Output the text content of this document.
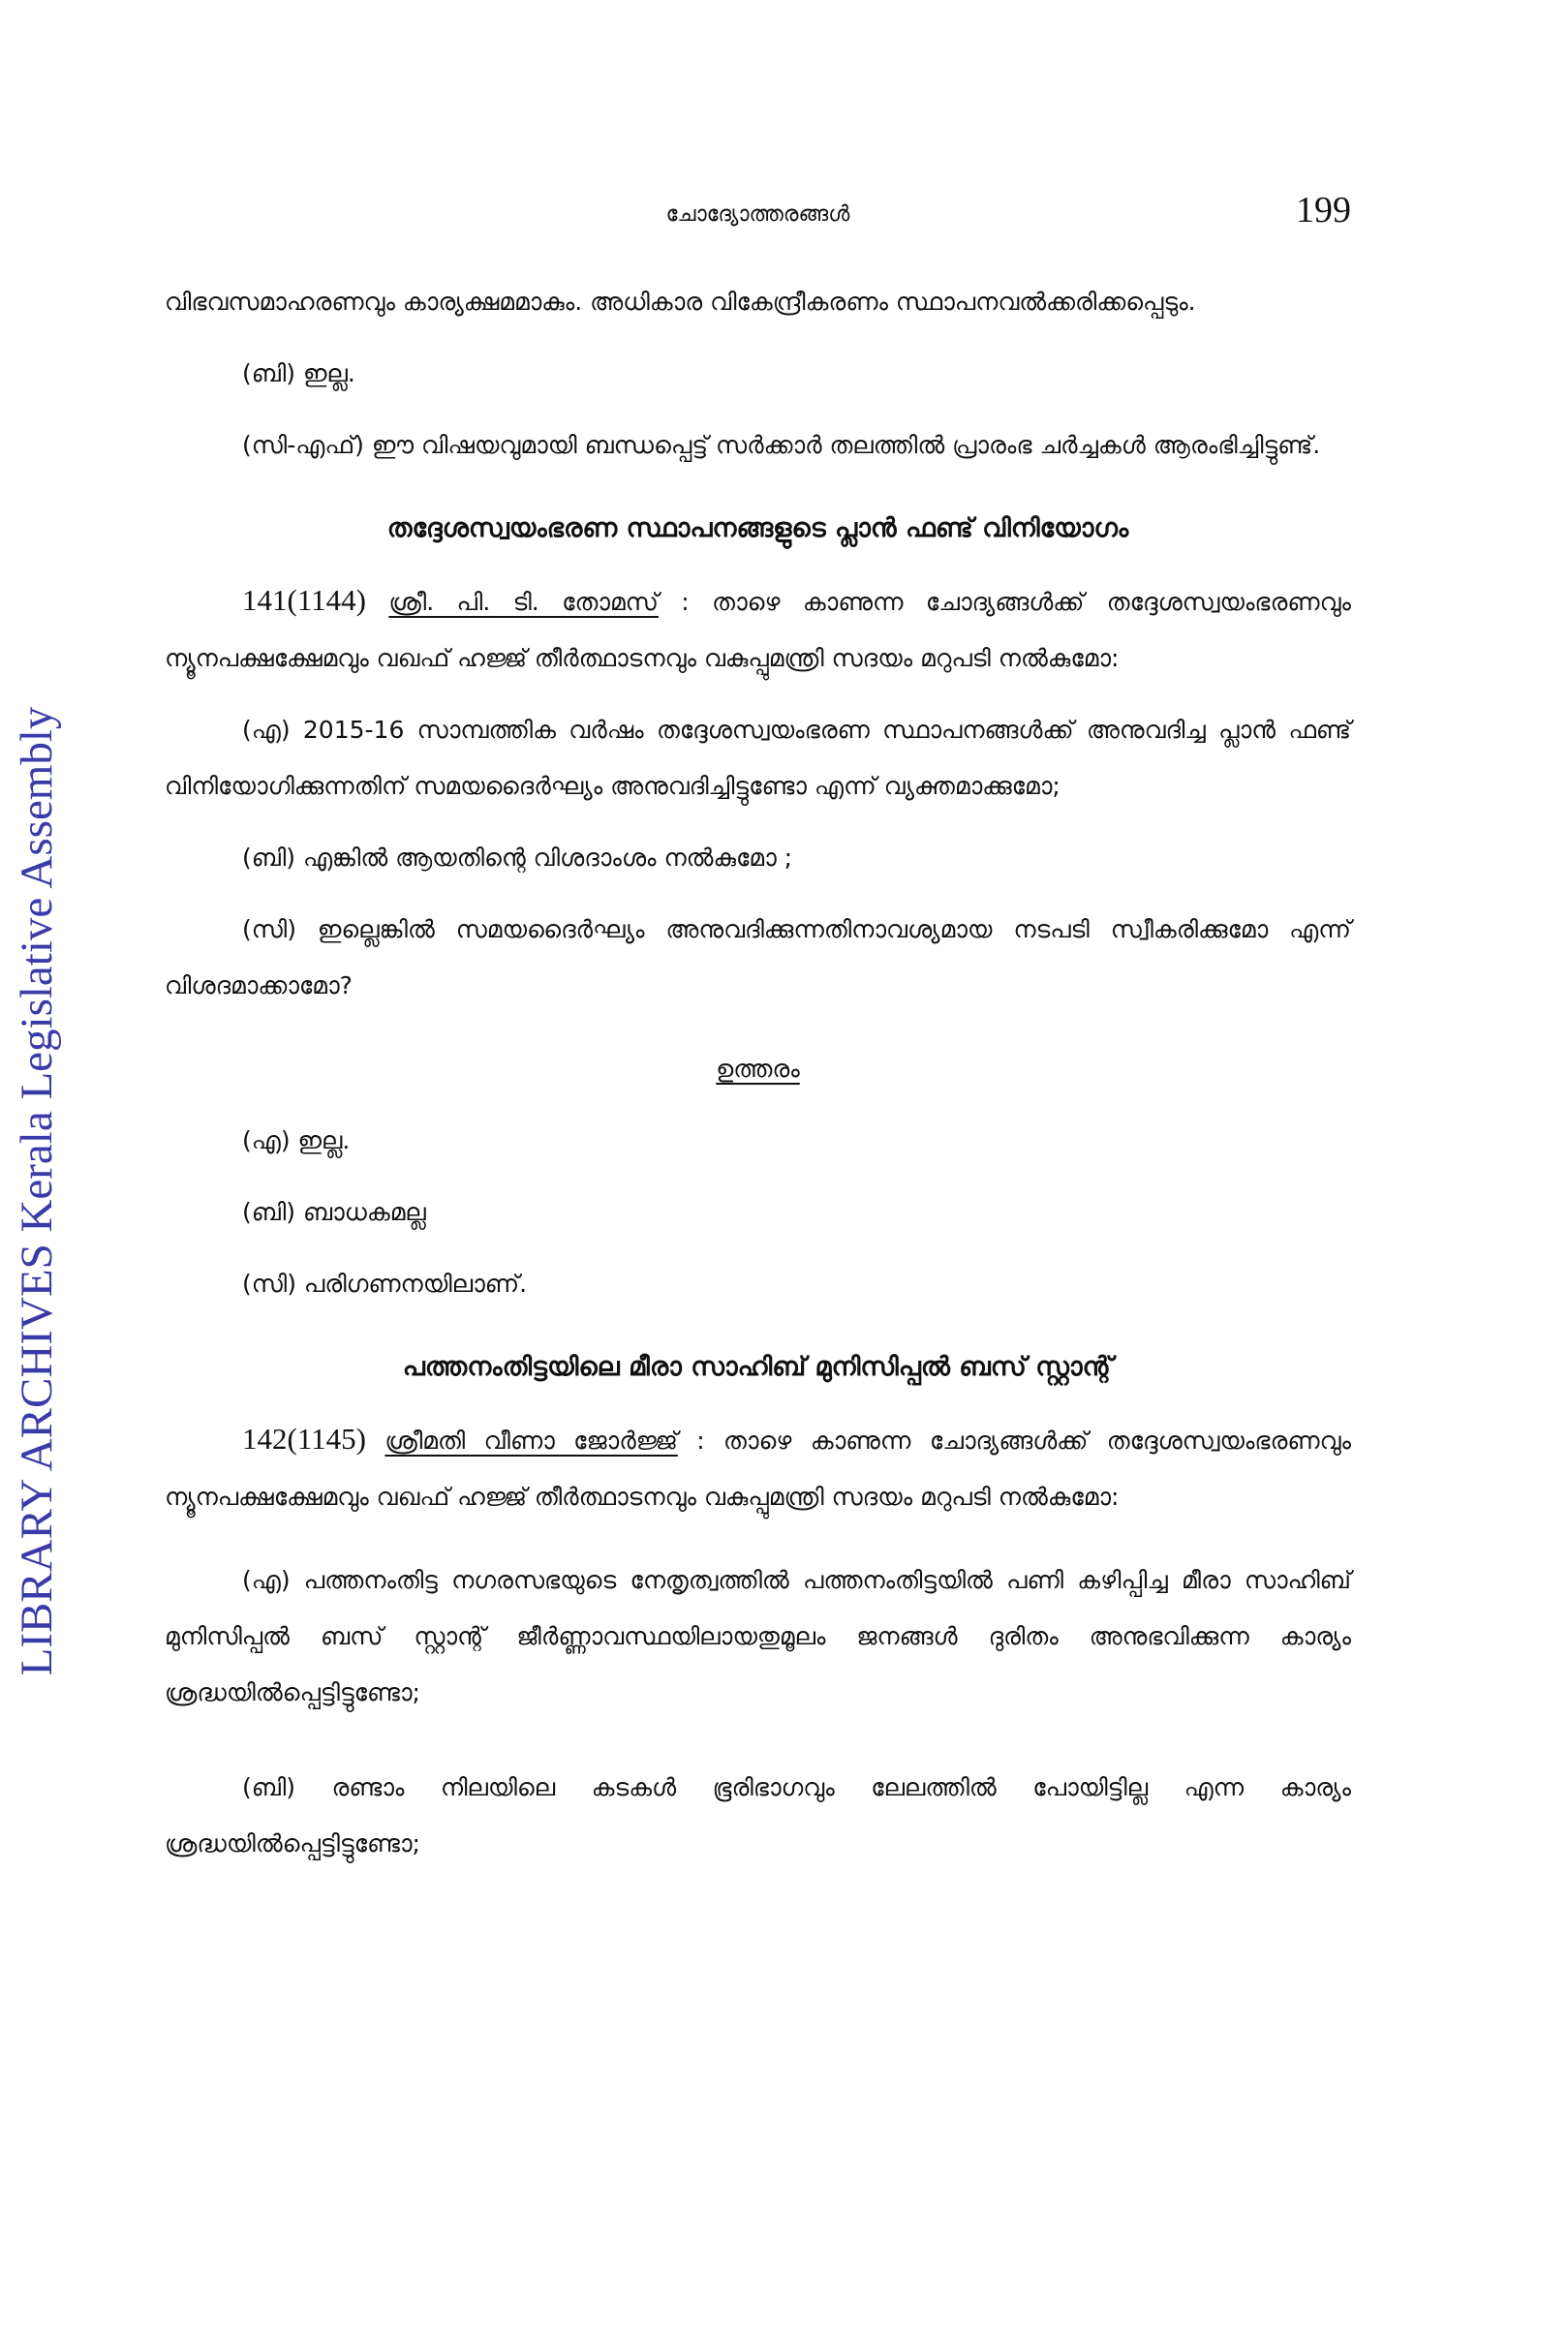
LIBRARY ARCHIVES Kerala Legislative Assembly
ചോദ്യോത്തരങ്ങൾ	199

വിഭവസമാഹരണവും കാര്യക്ഷമമാകും. അധികാര വികേന്ദ്രീകരണം സ്ഥാപനവൽക്കരിക്കപ്പെടും.

(ബി) ഇല്ല.

(സി-എഫ്) ഈ വിഷയവുമായി ബന്ധപ്പെട്ട് സർക്കാർ തലത്തിൽ പ്രാരംഭ ചർച്ചകൾ ആരംഭിച്ചിട്ടുണ്ട്.

തദ്ദേശസ്വയംഭരണ സ്ഥാപനങ്ങളുടെ പ്ലാൻ ഫണ്ട് വിനിയോഗം

141(1144) ശ്രീ. പി. ടി. തോമസ് : താഴെ കാണുന്ന ചോദ്യങ്ങൾക്ക് തദ്ദേശസ്വയംഭരണവും ന്യൂനപക്ഷക്ഷേമവും വഖഫ് ഹജ്ജ് തീർത്ഥാടനവും വകുപ്പുമന്ത്രി സദയം മറുപടി നൽകുമോ:

(എ) 2015-16 സാമ്പത്തിക വർഷം തദ്ദേശസ്വയംഭരണ സ്ഥാപനങ്ങൾക്ക് അനുവദിച്ച പ്ലാൻ ഫണ്ട് വിനിയോഗിക്കുന്നതിന് സമയദൈർഘ്യം അനുവദിച്ചിട്ടുണ്ടോ എന്ന് വ്യക്തമാക്കുമോ;

(ബി) എങ്കിൽ ആയതിന്റെ വിശദാംശം നൽകുമോ ;

(സി) ഇല്ലെങ്കിൽ സമയദൈർഘ്യം അനുവദിക്കുന്നതിനാവശ്യമായ നടപടി സ്വീകരിക്കുമോ എന്ന് വിശദമാക്കാമോ?

ഉത്തരം

(എ) ഇല്ല.

(ബി) ബാധകമല്ല

(സി) പരിഗണനയിലാണ്.

പത്തനംതിട്ടയിലെ മീരാ സാഹിബ് മുനിസിപ്പൽ ബസ് സ്റ്റാന്റ്

142(1145) ശ്രീമതി വീണാ ജോർജ്ജ് : താഴെ കാണുന്ന ചോദ്യങ്ങൾക്ക് തദ്ദേശസ്വയംഭരണവും ന്യൂനപക്ഷക്ഷേമവും വഖഫ് ഹജ്ജ് തീർത്ഥാടനവും വകുപ്പുമന്ത്രി സദയം മറുപടി നൽകുമോ:

(എ) പത്തനംതിട്ട നഗരസഭയുടെ നേതൃത്വത്തിൽ പത്തനംതിട്ടയിൽ പണി കഴിപ്പിച്ച മീരാ സാഹിബ് മുനിസിപ്പൽ ബസ് സ്റ്റാന്റ് ജീർണ്ണാവസ്ഥയിലായതുമൂലം ജനങ്ങൾ ദുരിതം അനുഭവിക്കുന്ന കാര്യം ശ്രദ്ധയിൽപ്പെട്ടിട്ടുണ്ടോ;

(ബി) രണ്ടാം നിലയിലെ കടകൾ ഭൂരിഭാഗവും ലേലത്തിൽ പോയിട്ടില്ല എന്ന കാര്യം ശ്രദ്ധയിൽപ്പെട്ടിട്ടുണ്ടോ;
